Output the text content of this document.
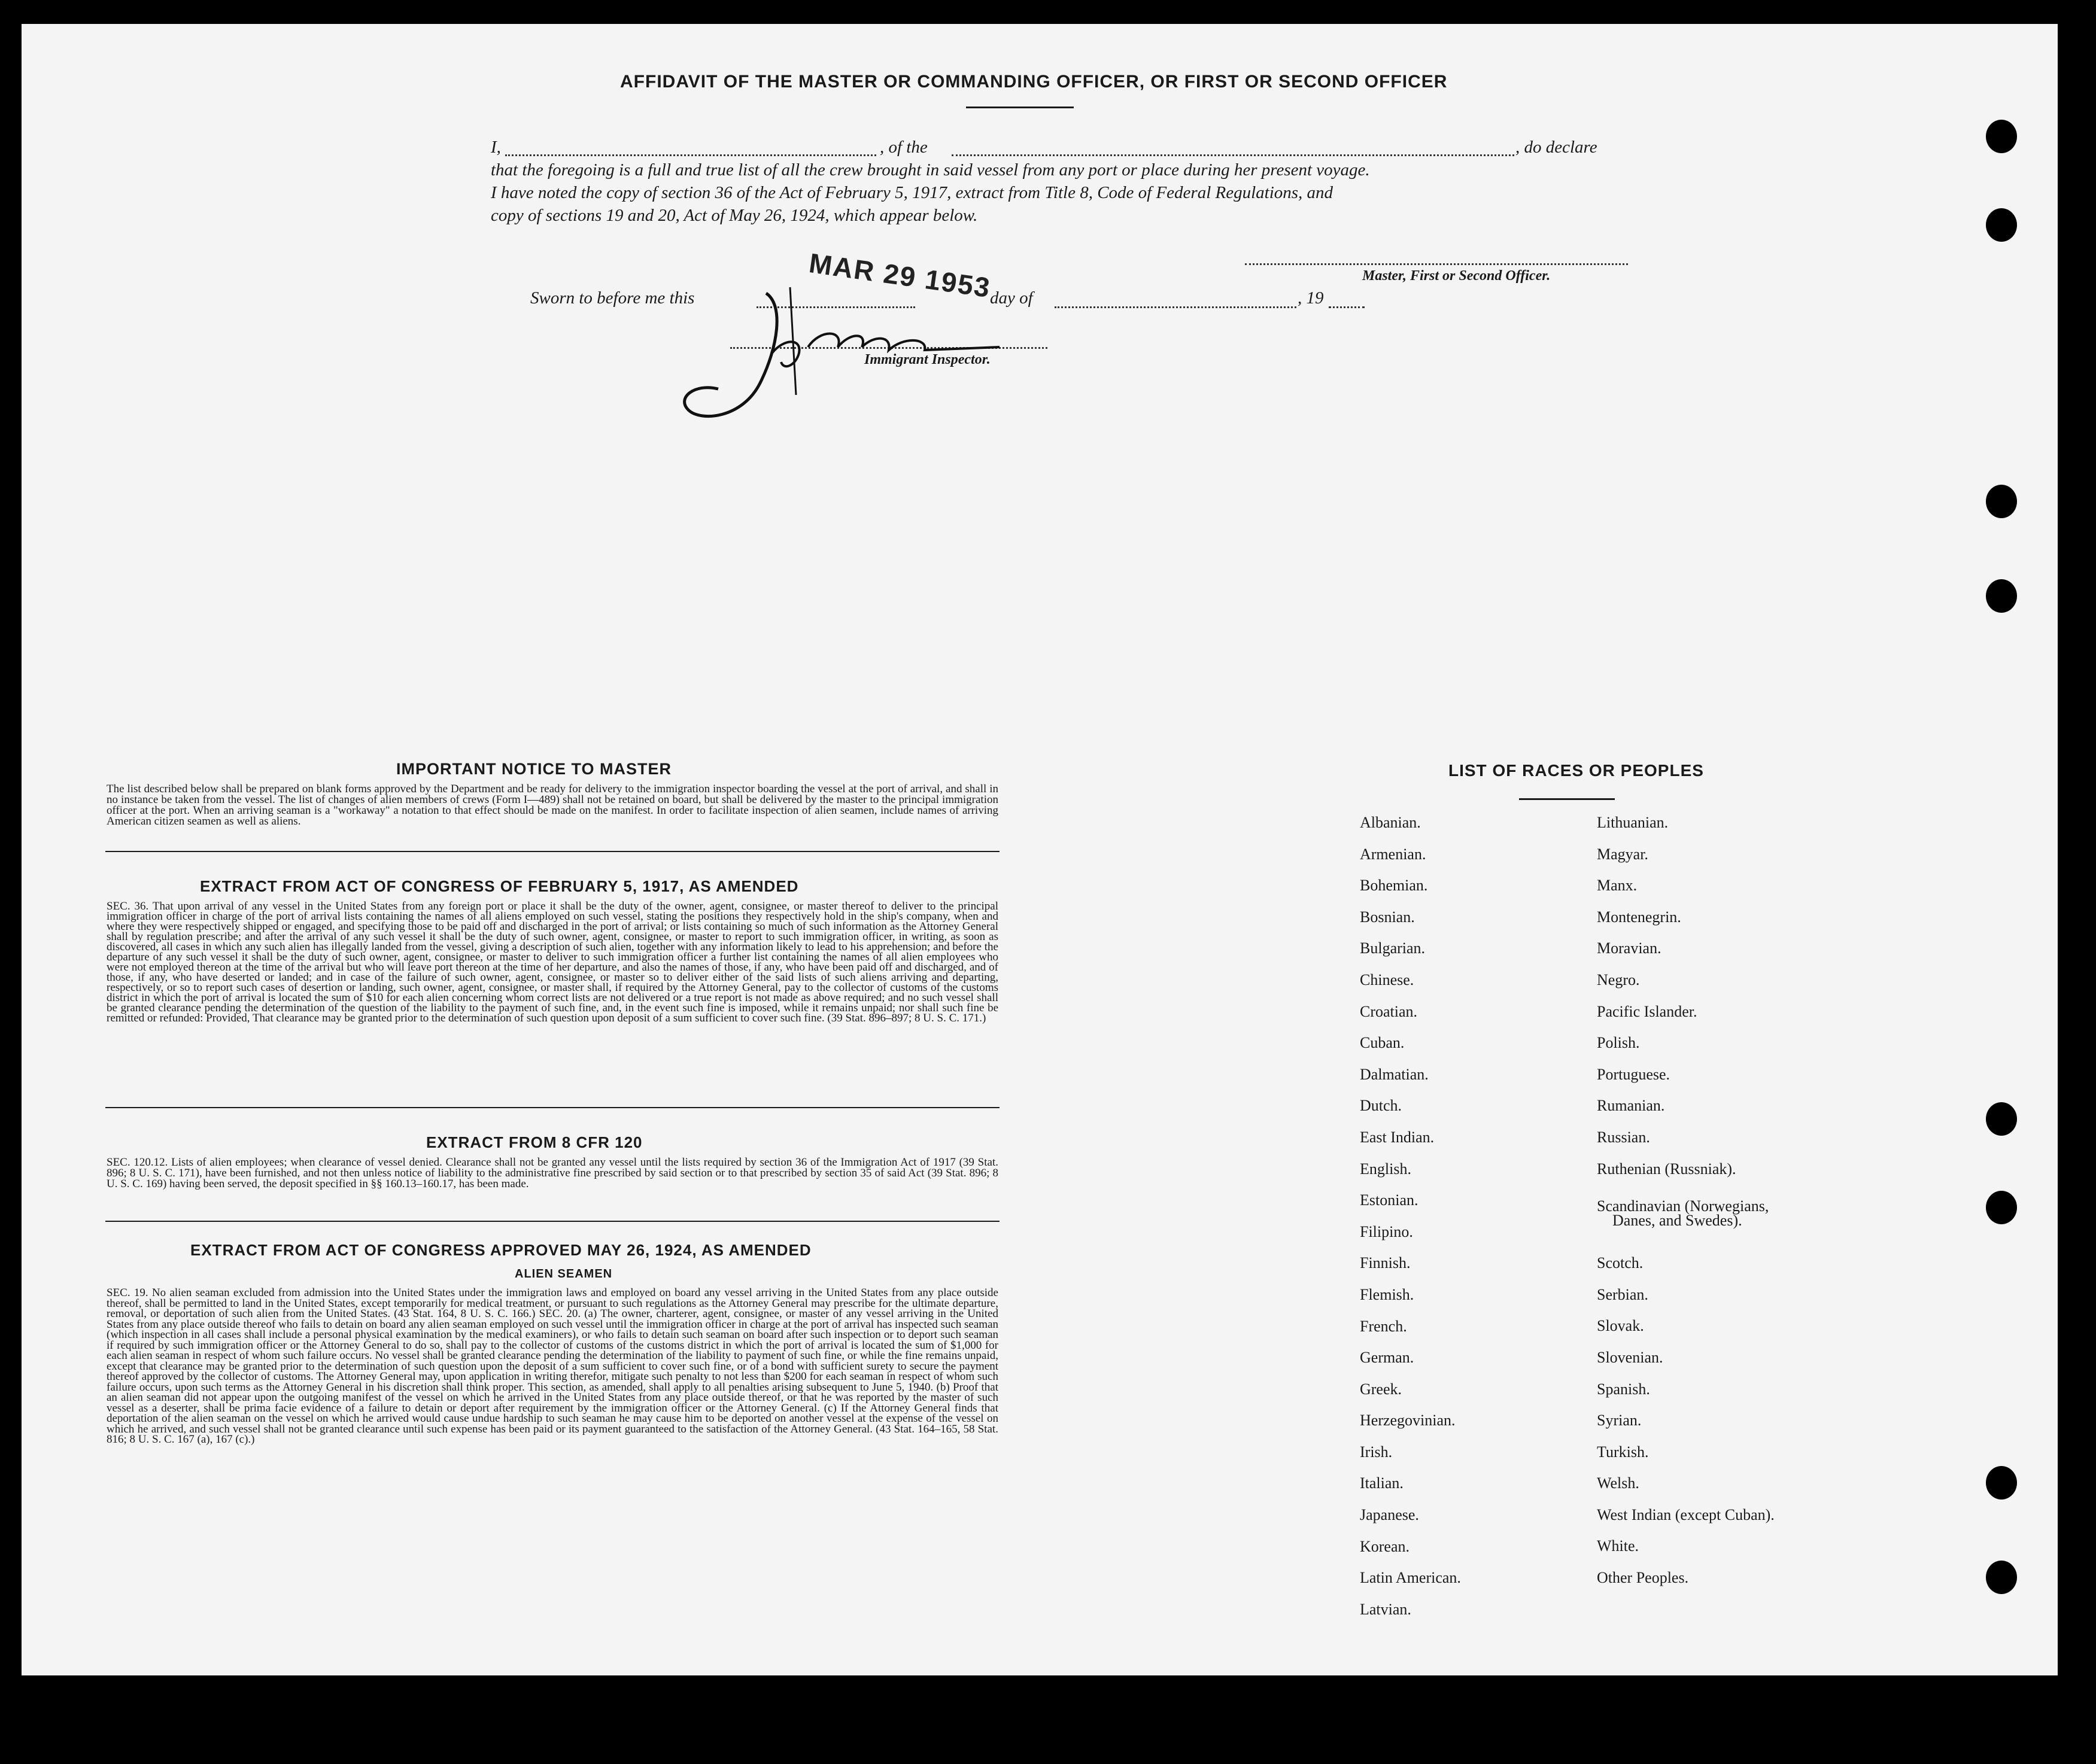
AFFIDAVIT OF THE MASTER OR COMMANDING OFFICER, OR FIRST OR SECOND OFFICER
I,	, of the	, do declare
that the foregoing is a full and true list of all the crew brought in said vessel from any port or place during her present voyage.
I have noted the copy of section 36 of the Act of February 5, 1917, extract from Title 8, Code of Federal Regulations, and
copy of sections 19 and 20, Act of May 26, 1924, which appear below.
Master, First or Second Officer.
Sworn to before me this	day of	, 19
MAR 29 1953
Immigrant Inspector.
IMPORTANT NOTICE TO MASTER
The list described below shall be prepared on blank forms approved by the Department and be ready for delivery to the immigration inspector boarding the vessel at the port of arrival, and shall in no instance be taken from the vessel. The list of changes of alien members of crews (Form I—489) shall not be retained on board, but shall be delivered by the master to the principal immigration officer at the port. When an arriving seaman is a "workaway" a notation to that effect should be made on the manifest. In order to facilitate inspection of alien seamen, include names of arriving American citizen seamen as well as aliens.
EXTRACT FROM ACT OF CONGRESS OF FEBRUARY 5, 1917, AS AMENDED
SEC. 36. That upon arrival of any vessel in the United States from any foreign port or place it shall be the duty of the owner, agent, consignee, or master thereof to deliver to the principal immigration officer in charge of the port of arrival lists containing the names of all aliens employed on such vessel, stating the positions they respectively hold in the ship's company, when and where they were respectively shipped or engaged, and specifying those to be paid off and discharged in the port of arrival; or lists containing so much of such information as the Attorney General shall by regulation prescribe; and after the arrival of any such vessel it shall be the duty of such owner, agent, consignee, or master to report to such immigration officer, in writing, as soon as discovered, all cases in which any such alien has illegally landed from the vessel, giving a description of such alien, together with any information likely to lead to his apprehension; and before the departure of any such vessel it shall be the duty of such owner, agent, consignee, or master to deliver to such immigration officer a further list containing the names of all alien employees who were not employed thereon at the time of the arrival but who will leave port thereon at the time of her departure, and also the names of those, if any, who have been paid off and discharged, and of those, if any, who have deserted or landed; and in case of the failure of such owner, agent, consignee, or master so to deliver either of the said lists of such aliens arriving and departing, respectively, or so to report such cases of desertion or landing, such owner, agent, consignee, or master shall, if required by the Attorney General, pay to the collector of customs of the customs district in which the port of arrival is located the sum of $10 for each alien concerning whom correct lists are not delivered or a true report is not made as above required; and no such vessel shall be granted clearance pending the determination of the question of the liability to the payment of such fine, and, in the event such fine is imposed, while it remains unpaid; nor shall such fine be remitted or refunded: Provided, That clearance may be granted prior to the determination of such question upon deposit of a sum sufficient to cover such fine. (39 Stat. 896–897; 8 U. S. C. 171.)
EXTRACT FROM 8 CFR 120
SEC. 120.12. Lists of alien employees; when clearance of vessel denied. Clearance shall not be granted any vessel until the lists required by section 36 of the Immigration Act of 1917 (39 Stat. 896; 8 U. S. C. 171), have been furnished, and not then unless notice of liability to the administrative fine prescribed by said section or to that prescribed by section 35 of said Act (39 Stat. 896; 8 U. S. C. 169) having been served, the deposit specified in §§ 160.13–160.17, has been made.
EXTRACT FROM ACT OF CONGRESS APPROVED MAY 26, 1924, AS AMENDED
ALIEN SEAMEN
SEC. 19. No alien seaman excluded from admission into the United States under the immigration laws and employed on board any vessel arriving in the United States from any place outside thereof, shall be permitted to land in the United States, except temporarily for medical treatment, or pursuant to such regulations as the Attorney General may prescribe for the ultimate departure, removal, or deportation of such alien from the United States. (43 Stat. 164, 8 U. S. C. 166.) SEC. 20. (a) The owner, charterer, agent, consignee, or master of any vessel arriving in the United States from any place outside thereof who fails to detain on board any alien seaman employed on such vessel until the immigration officer in charge at the port of arrival has inspected such seaman (which inspection in all cases shall include a personal physical examination by the medical examiners), or who fails to detain such seaman on board after such inspection or to deport such seaman if required by such immigration officer or the Attorney General to do so, shall pay to the collector of customs of the customs district in which the port of arrival is located the sum of $1,000 for each alien seaman in respect of whom such failure occurs. No vessel shall be granted clearance pending the determination of the liability to payment of such fine, or while the fine remains unpaid, except that clearance may be granted prior to the determination of such question upon the deposit of a sum sufficient to cover such fine, or of a bond with sufficient surety to secure the payment thereof approved by the collector of customs. The Attorney General may, upon application in writing therefor, mitigate such penalty to not less than $200 for each seaman in respect of whom such failure occurs, upon such terms as the Attorney General in his discretion shall think proper. This section, as amended, shall apply to all penalties arising subsequent to June 5, 1940. (b) Proof that an alien seaman did not appear upon the outgoing manifest of the vessel on which he arrived in the United States from any place outside thereof, or that he was reported by the master of such vessel as a deserter, shall be prima facie evidence of a failure to detain or deport after requirement by the immigration officer or the Attorney General. (c) If the Attorney General finds that deportation of the alien seaman on the vessel on which he arrived would cause undue hardship to such seaman he may cause him to be deported on another vessel at the expense of the vessel on which he arrived, and such vessel shall not be granted clearance until such expense has been paid or its payment guaranteed to the satisfaction of the Attorney General. (43 Stat. 164–165, 58 Stat. 816; 8 U. S. C. 167 (a), 167 (c).)
LIST OF RACES OR PEOPLES
Albanian.
Armenian.
Bohemian.
Bosnian.
Bulgarian.
Chinese.
Croatian.
Cuban.
Dalmatian.
Dutch.
East Indian.
English.
Estonian.
Filipino.
Finnish.
Flemish.
French.
German.
Greek.
Herzegovinian.
Irish.
Italian.
Japanese.
Korean.
Latin American.
Latvian.
Lithuanian.
Magyar.
Manx.
Montenegrin.
Moravian.
Negro.
Pacific Islander.
Polish.
Portuguese.
Rumanian.
Russian.
Ruthenian (Russniak).
Scandinavian (Norwegians,
Danes, and Swedes).
Scotch.
Serbian.
Slovak.
Slovenian.
Spanish.
Syrian.
Turkish.
Welsh.
West Indian (except Cuban).
White.
Other Peoples.
